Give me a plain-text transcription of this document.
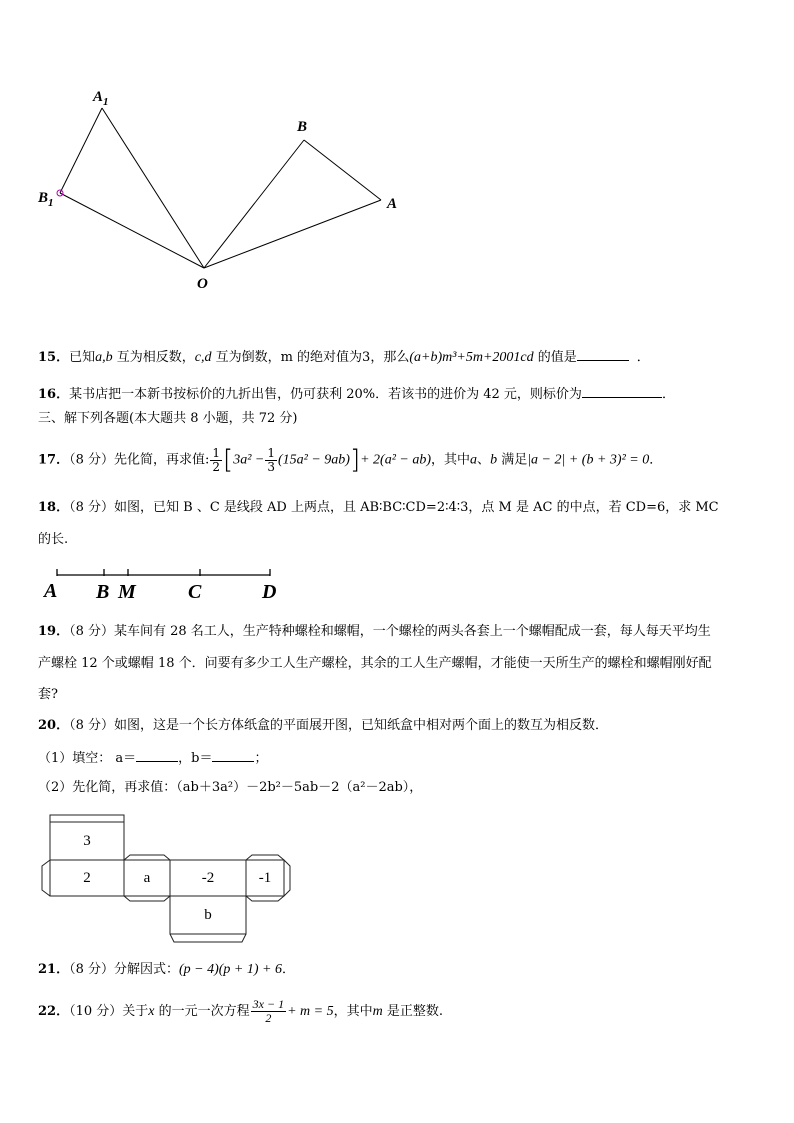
$A_1$
$B_1$
B
A
O
15．已知a,b 互为相反数，c,d 互为倒数，m 的绝对值为3，那么(a+b)m³+5m+2001cd 的值是	．
16．某书店把一本新书按标价的九折出售，仍可获利 20%．若该书的进价为 42 元，则标价为	．
三、解下列各题(本大题共 8 小题，共 72 分)
17．（8 分）先化简，再求值: $\frac{1}{2} [3a^2 - \frac{1}{3} (15a^2 - 9ab)]+ 2(a^2 - ab)$，其中a、b 满足|a − 2| + (b + 3)² = 0．
18．（8 分）如图，已知 B 、C 是线段 AD 上两点，且 AB∶BC∶CD=2∶4∶3，点 M 是 AC 的中点，若 CD=6，求 MC
的长.
A B M	C	D
19．（8 分）某车间有 28 名工人，生产特种螺栓和螺帽，一个螺栓的两头各套上一个螺帽配成一套，每人每天平均生
产螺栓 12 个或螺帽 18 个．问要有多少工人生产螺栓，其余的工人生产螺帽，才能使一天所生产的螺栓和螺帽刚好配
套?
20．（8 分）如图，这是一个长方体纸盒的平面展开图，已知纸盒中相对两个面上的数互为相反数．
（1）填空： a＝	，b＝	；
（2）先化简，再求值：（ab＋3a²）－2b²－5ab－2（a²－2ab），
3
2	a	-2	-1
b
21．（8 分）分解因式：(p − 4)(p + 1) + 6．
22．（10 分）关于x 的一元一次方程 $\frac{3x - 1}{2} + m = 5$，其中m 是正整数.
